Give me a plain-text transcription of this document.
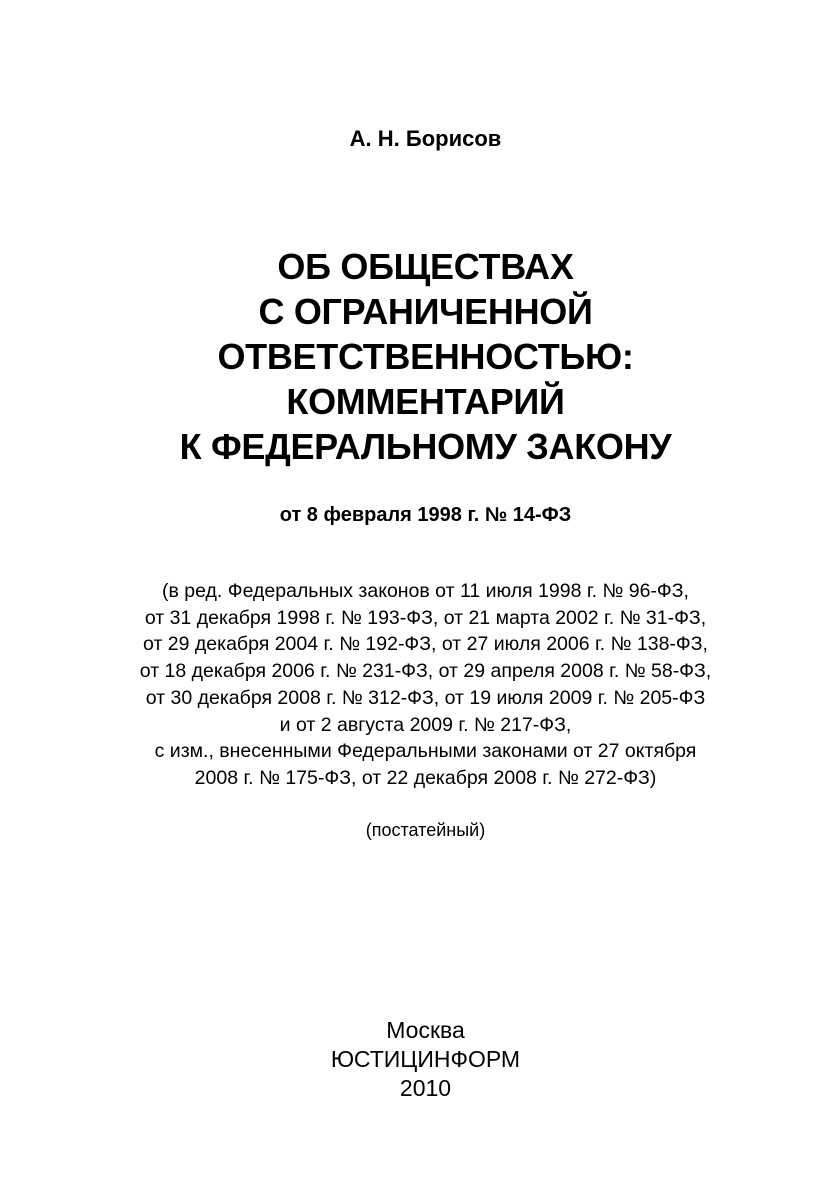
А. Н. Борисов
ОБ ОБЩЕСТВАХ
С ОГРАНИЧЕННОЙ
ОТВЕТСТВЕННОСТЬЮ:
КОММЕНТАРИЙ
К ФЕДЕРАЛЬНОМУ ЗАКОНУ
от 8 февраля 1998 г. № 14-ФЗ
(в ред. Федеральных законов от 11 июля 1998 г. № 96-ФЗ,
от 31 декабря 1998 г. № 193-ФЗ, от 21 марта 2002 г. № 31-ФЗ,
от 29 декабря 2004 г. № 192-ФЗ, от 27 июля 2006 г. № 138-ФЗ,
от 18 декабря 2006 г. № 231-ФЗ, от 29 апреля 2008 г. № 58-ФЗ,
от 30 декабря 2008 г. № 312-ФЗ, от 19 июля 2009 г. № 205-ФЗ
и от 2 августа 2009 г. № 217-ФЗ,
с изм., внесенными Федеральными законами от 27 октября
2008 г. № 175-ФЗ, от 22 декабря 2008 г. № 272-ФЗ)
(постатейный)
Москва
ЮСТИЦИНФОРМ
2010
